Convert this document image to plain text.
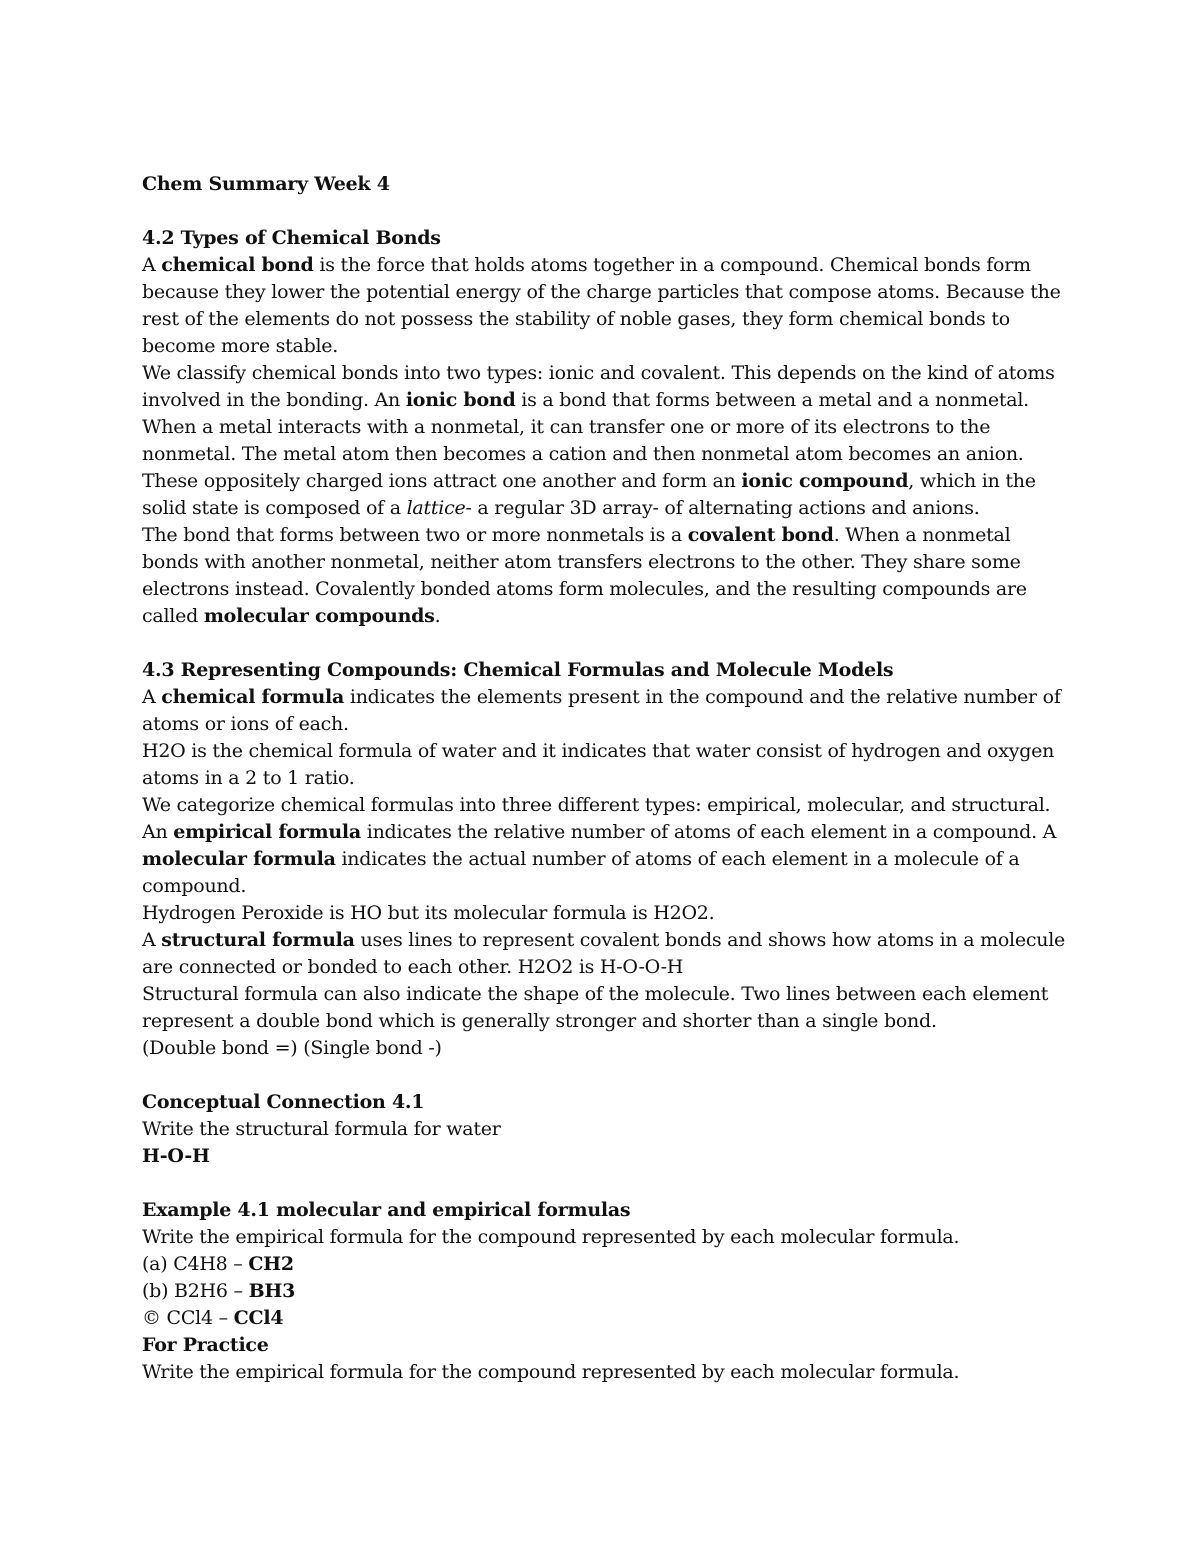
Chem Summary Week 4

4.2 Types of Chemical Bonds

A chemical bond is the force that holds atoms together in a compound. Chemical bonds form because they lower the potential energy of the charge particles that compose atoms. Because the rest of the elements do not possess the stability of noble gases, they form chemical bonds to become more stable.

We classify chemical bonds into two types: ionic and covalent. This depends on the kind of atoms involved in the bonding. An ionic bond is a bond that forms between a metal and a nonmetal. When a metal interacts with a nonmetal, it can transfer one or more of its electrons to the nonmetal. The metal atom then becomes a cation and then nonmetal atom becomes an anion. These oppositely charged ions attract one another and form an ionic compound, which in the solid state is composed of a lattice- a regular 3D array- of alternating actions and anions.

The bond that forms between two or more nonmetals is a covalent bond. When a nonmetal bonds with another nonmetal, neither atom transfers electrons to the other. They share some electrons instead. Covalently bonded atoms form molecules, and the resulting compounds are called molecular compounds.

4.3 Representing Compounds: Chemical Formulas and Molecule Models

A chemical formula indicates the elements present in the compound and the relative number of atoms or ions of each.

H2O is the chemical formula of water and it indicates that water consist of hydrogen and oxygen atoms in a 2 to 1 ratio.

We categorize chemical formulas into three different types: empirical, molecular, and structural.

An empirical formula indicates the relative number of atoms of each element in a compound. A molecular formula indicates the actual number of atoms of each element in a molecule of a compound.

Hydrogen Peroxide is HO but its molecular formula is H2O2.

A structural formula uses lines to represent covalent bonds and shows how atoms in a molecule are connected or bonded to each other. H2O2 is H-O-O-H

Structural formula can also indicate the shape of the molecule. Two lines between each element represent a double bond which is generally stronger and shorter than a single bond.

(Double bond =) (Single bond -)

Conceptual Connection 4.1

Write the structural formula for water

H-O-H

Example 4.1 molecular and empirical formulas

Write the empirical formula for the compound represented by each molecular formula.

(a) C4H8 – CH2

(b) B2H6 – BH3

© CCl4 – CCl4

For Practice

Write the empirical formula for the compound represented by each molecular formula.
